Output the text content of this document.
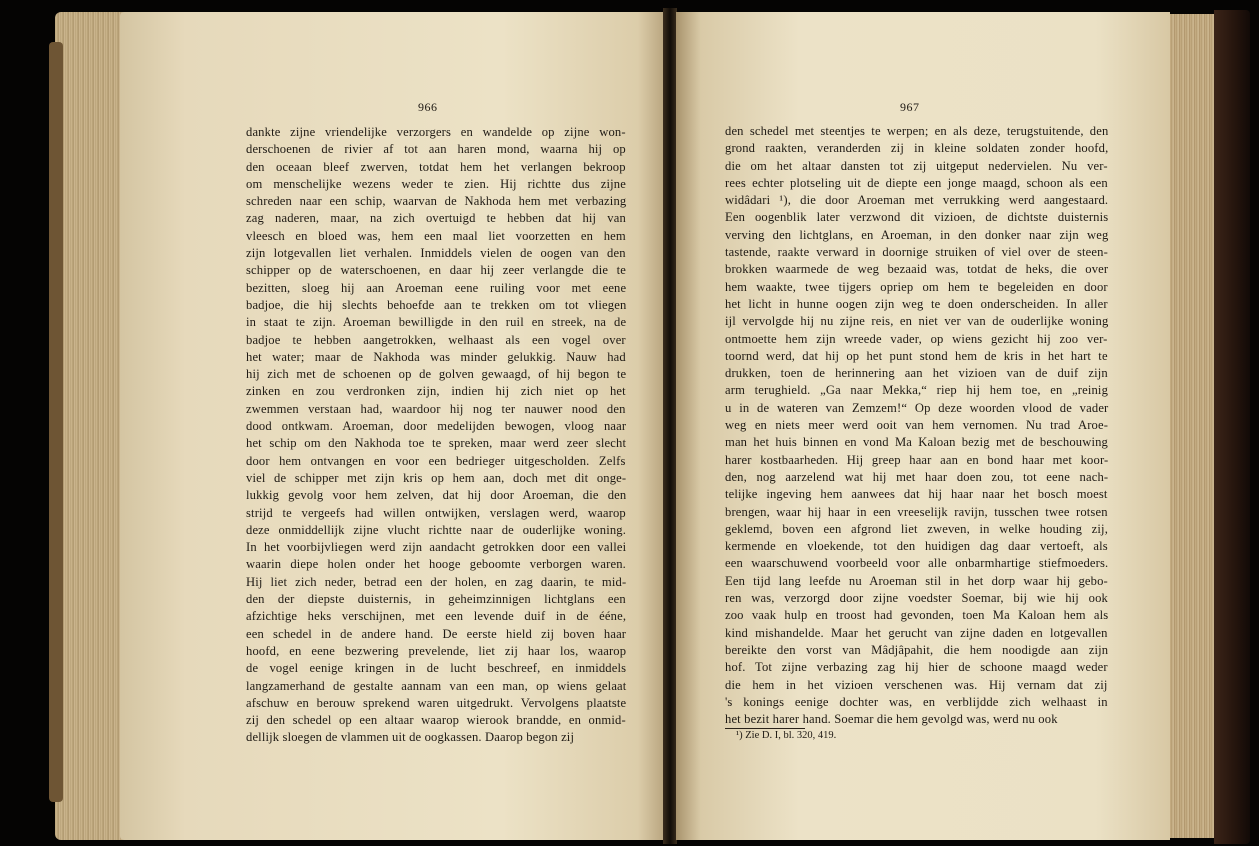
966
dankte zijne vriendelijke verzorgers en wandelde op zijne won-
derschoenen de rivier af tot aan haren mond, waarna hij op
den oceaan bleef zwerven, totdat hem het verlangen bekroop
om menschelijke wezens weder te zien. Hij richtte dus zijne
schreden naar een schip, waarvan de Nakhoda hem met verbazing
zag naderen, maar, na zich overtuigd te hebben dat hij van
vleesch en bloed was, hem een maal liet voorzetten en hem
zijn lotgevallen liet verhalen. Inmiddels vielen de oogen van den
schipper op de waterschoenen, en daar hij zeer verlangde die te
bezitten, sloeg hij aan Aroeman eene ruiling voor met eene
badjoe, die hij slechts behoefde aan te trekken om tot vliegen
in staat te zijn. Aroeman bewilligde in den ruil en streek, na de
badjoe te hebben aangetrokken, welhaast als een vogel over
het water; maar de Nakhoda was minder gelukkig. Nauw had
hij zich met de schoenen op de golven gewaagd, of hij begon te
zinken en zou verdronken zijn, indien hij zich niet op het
zwemmen verstaan had, waardoor hij nog ter nauwer nood den
dood ontkwam. Aroeman, door medelijden bewogen, vloog naar
het schip om den Nakhoda toe te spreken, maar werd zeer slecht
door hem ontvangen en voor een bedrieger uitgescholden. Zelfs
viel de schipper met zijn kris op hem aan, doch met dit onge-
lukkig gevolg voor hem zelven, dat hij door Aroeman, die den
strijd te vergeefs had willen ontwijken, verslagen werd, waarop
deze onmiddellijk zijne vlucht richtte naar de ouderlijke woning.
In het voorbijvliegen werd zijn aandacht getrokken door een vallei
waarin diepe holen onder het hooge geboomte verborgen waren.
Hij liet zich neder, betrad een der holen, en zag daarin, te mid-
den der diepste duisternis, in geheimzinnigen lichtglans een
afzichtige heks verschijnen, met een levende duif in de ééne,
een schedel in de andere hand. De eerste hield zij boven haar
hoofd, en eene bezwering prevelende, liet zij haar los, waarop
de vogel eenige kringen in de lucht beschreef, en inmiddels
langzamerhand de gestalte aannam van een man, op wiens gelaat
afschuw en berouw sprekend waren uitgedrukt. Vervolgens plaatste
zij den schedel op een altaar waarop wierook brandde, en onmid-
dellijk sloegen de vlammen uit de oogkassen. Daarop begon zij
967
den schedel met steentjes te werpen; en als deze, terugstuitende, den
grond raakten, veranderden zij in kleine soldaten zonder hoofd,
die om het altaar dansten tot zij uitgeput nedervielen. Nu ver-
rees echter plotseling uit de diepte een jonge maagd, schoon als een
widâdari ¹), die door Aroeman met verrukking werd aangestaard.
Een oogenblik later verzwond dit vizioen, de dichtste duisternis
verving den lichtglans, en Aroeman, in den donker naar zijn weg
tastende, raakte verward in doornige struiken of viel over de steen-
brokken waarmede de weg bezaaid was, totdat de heks, die over
hem waakte, twee tijgers opriep om hem te begeleiden en door
het licht in hunne oogen zijn weg te doen onderscheiden. In aller
ijl vervolgde hij nu zijne reis, en niet ver van de ouderlijke woning
ontmoette hem zijn wreede vader, op wiens gezicht hij zoo ver-
toornd werd, dat hij op het punt stond hem de kris in het hart te
drukken, toen de herinnering aan het vizioen van de duif zijn
arm terughield. „Ga naar Mekka,“ riep hij hem toe, en „reinig
u in de wateren van Zemzem!“ Op deze woorden vlood de vader
weg en niets meer werd ooit van hem vernomen. Nu trad Aroe-
man het huis binnen en vond Ma Kaloan bezig met de beschouwing
harer kostbaarheden. Hij greep haar aan en bond haar met koor-
den, nog aarzelend wat hij met haar doen zou, tot eene nach-
telijke ingeving hem aanwees dat hij haar naar het bosch moest
brengen, waar hij haar in een vreeselijk ravijn, tusschen twee rotsen
geklemd, boven een afgrond liet zweven, in welke houding zij,
kermende en vloekende, tot den huidigen dag daar vertoeft, als
een waarschuwend voorbeeld voor alle onbarmhartige stiefmoeders.
Een tijd lang leefde nu Aroeman stil in het dorp waar hij gebo-
ren was, verzorgd door zijne voedster Soemar, bij wie hij ook
zoo vaak hulp en troost had gevonden, toen Ma Kaloan hem als
kind mishandelde. Maar het gerucht van zijne daden en lotgevallen
bereikte den vorst van Mâdjâpahit, die hem noodigde aan zijn
hof. Tot zijne verbazing zag hij hier de schoone maagd weder
die hem in het vizioen verschenen was. Hij vernam dat zij
's konings eenige dochter was, en verblijdde zich welhaast in
het bezit harer hand. Soemar die hem gevolgd was, werd nu ook
¹) Zie D. I, bl. 320, 419.
